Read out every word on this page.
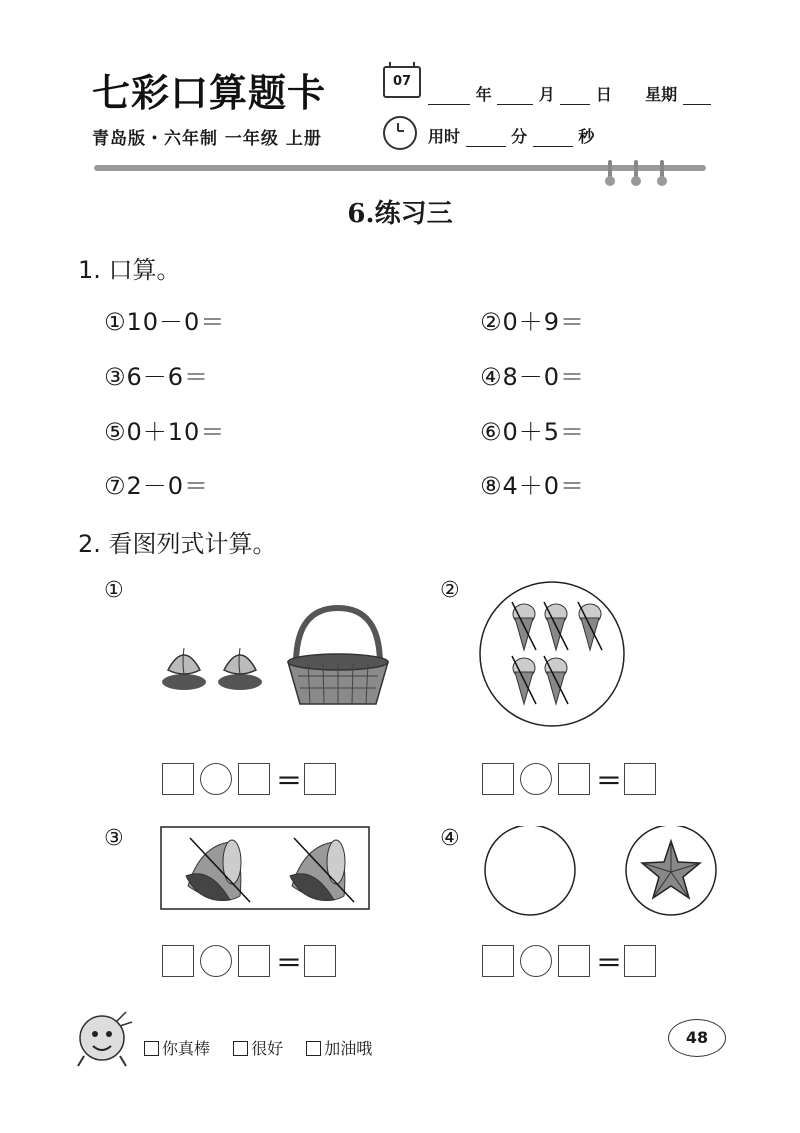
七彩口算题卡	07
年	月	日 星期
青岛版・六年制 一年级 上册	用时	分	秒
6.练习三
1. 口算。
①10－0＝	②0＋9＝
③6－6＝	④8－0＝
⑤0＋10＝	⑥0＋5＝
⑦2－0＝	⑧4＋0＝
2. 看图列式计算。
①	②
③	④
＝	＝
＝	＝
你真棒	很好	加油哦
48
